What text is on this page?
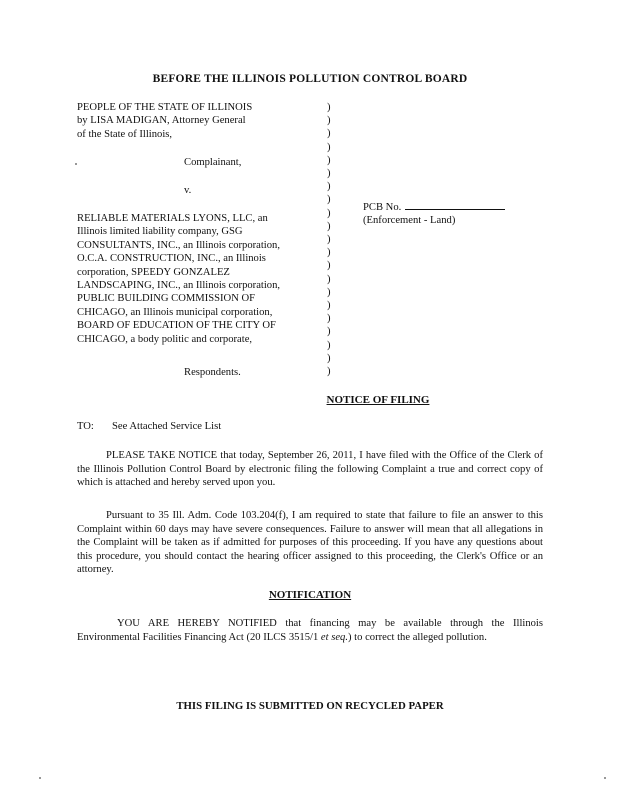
BEFORE THE ILLINOIS POLLUTION CONTROL BOARD
PEOPLE OF THE STATE OF ILLINOIS
by LISA MADIGAN, Attorney General
of the State of Illinois,
Complainant,
v.
RELIABLE MATERIALS LYONS, LLC, an
Illinois limited liability company, GSG
CONSULTANTS, INC., an Illinois corporation,
O.C.A. CONSTRUCTION, INC., an Illinois
corporation, SPEEDY GONZALEZ
LANDSCAPING, INC., an Illinois corporation,
PUBLIC BUILDING COMMISSION OF
CHICAGO, an Illinois municipal corporation,
BOARD OF EDUCATION OF THE CITY OF
CHICAGO, a body politic and corporate,
Respondents.
)
)
)
)
)
)
)
)
)
)
)
)
)
)
)
)
)
)
)
)
)
PCB No.
(Enforcement - Land)
NOTICE OF FILING
TO: See Attached Service List
PLEASE TAKE NOTICE that today, September 26, 2011, I have filed with the Office of the Clerk of the Illinois Pollution Control Board by electronic filing the following Complaint a true and correct copy of which is attached and hereby served upon you.
Pursuant to 35 Ill. Adm. Code 103.204(f), I am required to state that failure to file an answer to this Complaint within 60 days may have severe consequences. Failure to answer will mean that all allegations in the Complaint will be taken as if admitted for purposes of this proceeding. If you have any questions about this procedure, you should contact the hearing officer assigned to this proceeding, the Clerk's Office or an attorney.
NOTIFICATION
YOU ARE HEREBY NOTIFIED that financing may be available through the Illinois Environmental Facilities Financing Act (20 ILCS 3515/1 et seq.) to correct the alleged pollution.
THIS FILING IS SUBMITTED ON RECYCLED PAPER
